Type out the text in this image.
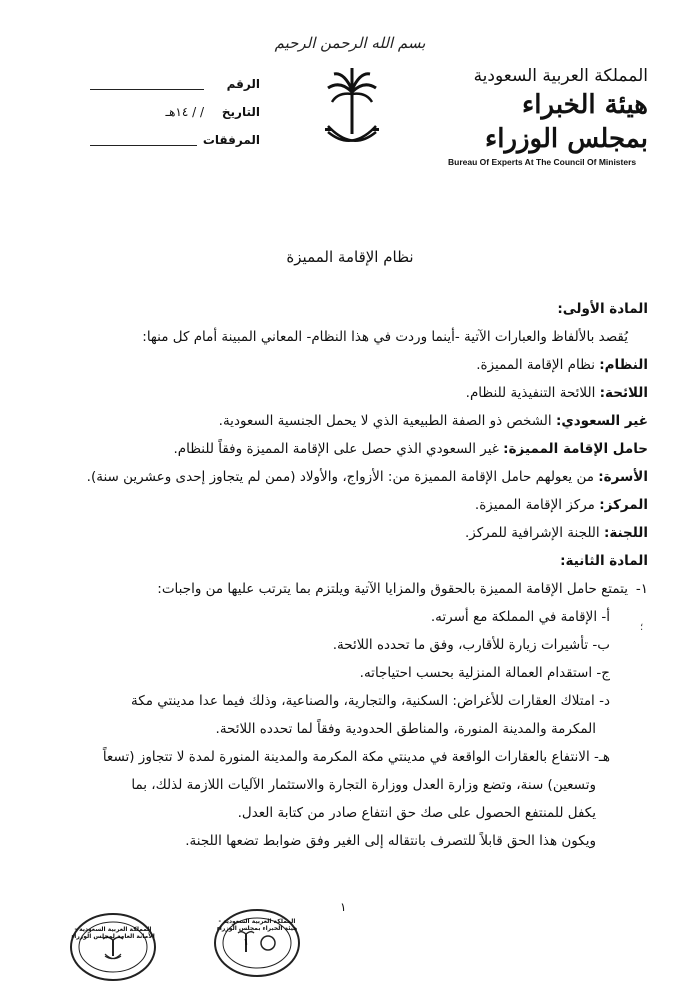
بسم الله الرحمن الرحيم
المملكة العربية السعودية
هيئة الخبراء بمجلس الوزراء
Bureau Of Experts At The Council Of Ministers
الرقم
التاريخ
/ / ١٤هـ
المرفقات
نظام الإقامة المميزة
المادة الأولى:
يُقصد بالألفاظ والعبارات الآتية -أينما وردت في هذا النظام- المعاني المبينة أمام كل منها:
النظام: نظام الإقامة المميزة.
اللائحة: اللائحة التنفيذية للنظام.
غير السعودي: الشخص ذو الصفة الطبيعية الذي لا يحمل الجنسية السعودية.
حامل الإقامة المميزة: غير السعودي الذي حصل على الإقامة المميزة وفقاً للنظام.
الأسرة: من يعولهم حامل الإقامة المميزة من: الأزواج، والأولاد (ممن لم يتجاوز إحدى وعشرين سنة).
المركز: مركز الإقامة المميزة.
اللجنة: اللجنة الإشرافية للمركز.
المادة الثانية:
١-
يتمتع حامل الإقامة المميزة بالحقوق والمزايا الآتية ويلتزم بما يترتب عليها من واجبات:
أ- الإقامة في المملكة مع أسرته.
ب- تأشيرات زيارة للأقارب، وفق ما تحدده اللائحة.
ج- استقدام العمالة المنزلية بحسب احتياجاته.
د- امتلاك العقارات للأغراض: السكنية، والتجارية، والصناعية، وذلك فيما عدا مدينتي مكة
المكرمة والمدينة المنورة، والمناطق الحدودية وفقاً لما تحدده اللائحة.
هـ- الانتفاع بالعقارات الواقعة في مدينتي مكة المكرمة والمدينة المنورة لمدة لا تتجاوز (تسعاً
وتسعين) سنة، وتضع وزارة العدل ووزارة التجارة والاستثمار الآليات اللازمة لذلك، بما
يكفل للمنتفع الحصول على صك حق انتفاع صادر من كتابة العدل.
ويكون هذا الحق قابلاً للتصرف بانتقاله إلى الغير وفق ضوابط تضعها اللجنة.
؛
١
المملكة العربية السعودية - الأمانة العامة لمجلس الوزراء
المملكة العربية السعودية - هيئة الخبراء بمجلس الوزراء
١
